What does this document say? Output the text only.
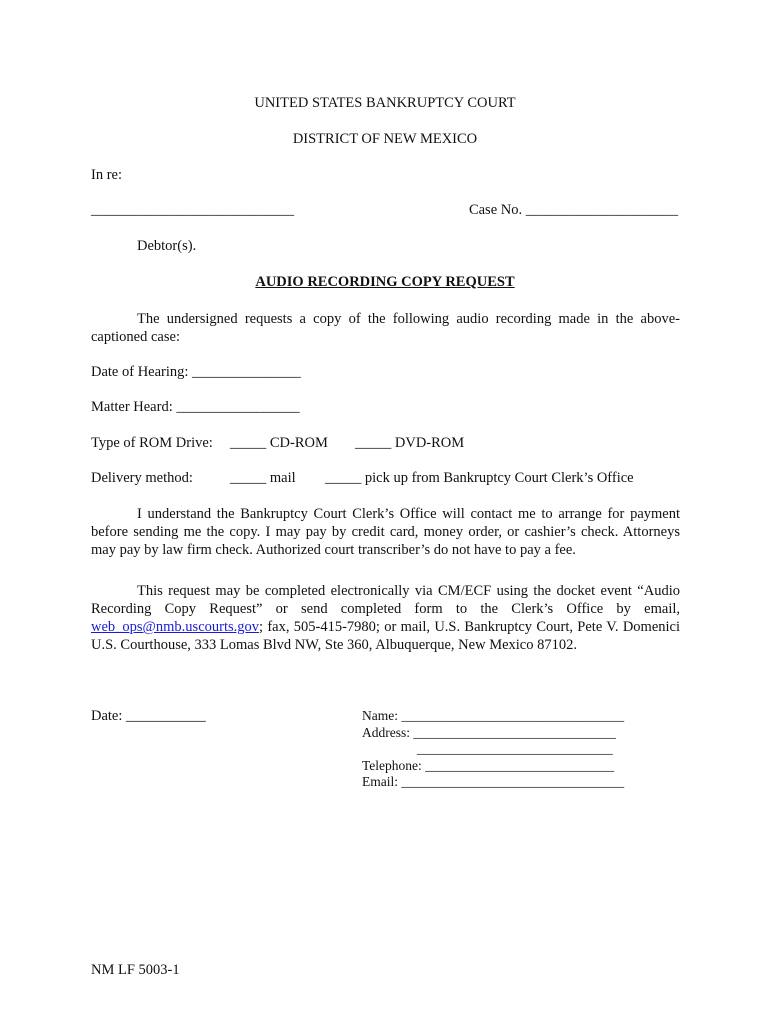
UNITED STATES BANKRUPTCY COURT
DISTRICT OF NEW MEXICO
In re:
____________________________	Case No. _____________________
Debtor(s).
AUDIO RECORDING COPY REQUEST
The undersigned requests a copy of the following audio recording made in the above-captioned case:
Date of Hearing: _______________
Matter Heard: _________________
Type of ROM Drive: _____ CD-ROM _____ DVD-ROM
Delivery method:	_____ mail _____ pick up from Bankruptcy Court Clerk’s Office
I understand the Bankruptcy Court Clerk’s Office will contact me to arrange for payment before sending me the copy. I may pay by credit card, money order, or cashier’s check. Attorneys may pay by law firm check. Authorized court transcriber’s do not have to pay a fee.
This request may be completed electronically via CM/ECF using the docket event “Audio Recording Copy Request” or send completed form to the Clerk’s Office by email, web_ops@nmb.uscourts.gov; fax, 505-415-7980; or mail, U.S. Bankruptcy Court, Pete V. Domenici U.S. Courthouse, 333 Lomas Blvd NW, Ste 360, Albuquerque, New Mexico 87102.
Date: ___________	Name: _________________________________
Address: ______________________________
_____________________________
Telephone: ____________________________
Email: _________________________________
NM LF 5003-1
